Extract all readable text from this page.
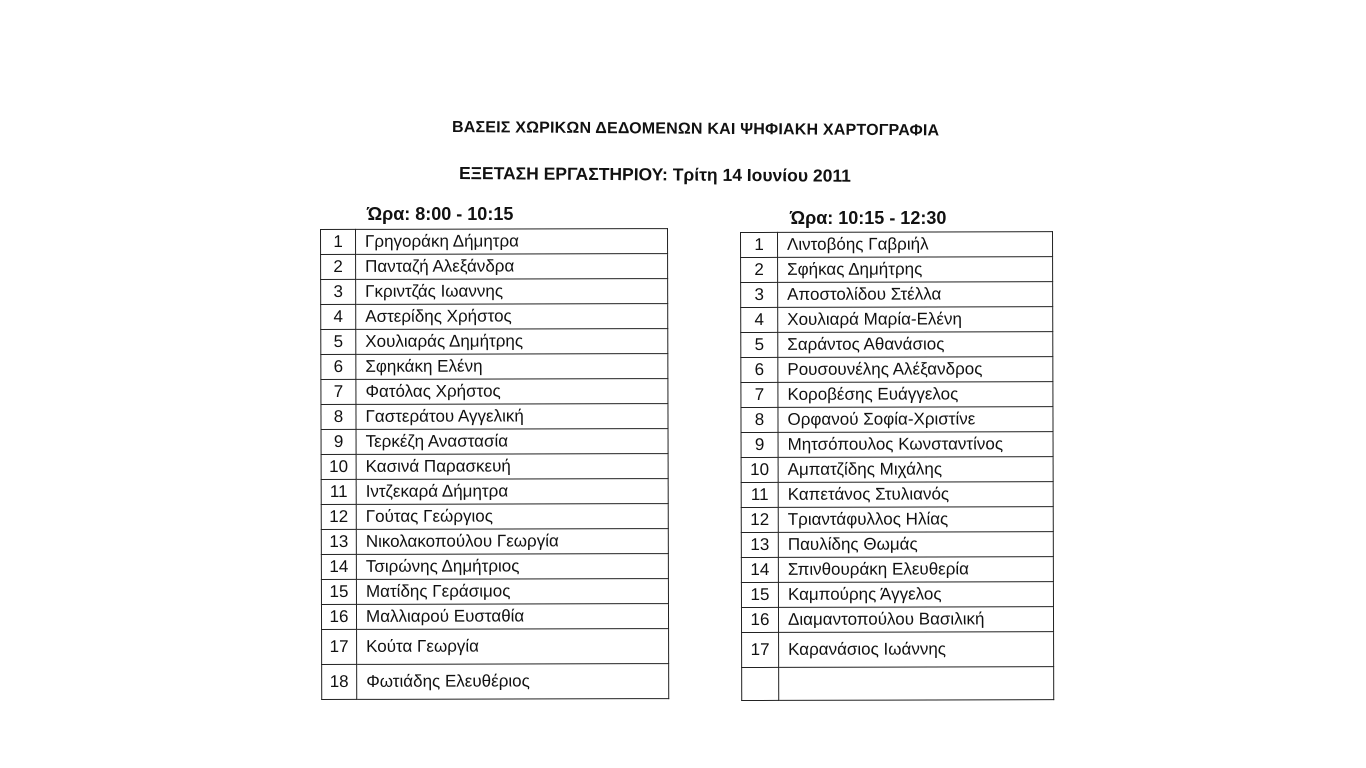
ΒΑΣΕΙΣ ΧΩΡΙΚΩΝ ΔΕΔΟΜΕΝΩΝ ΚΑΙ ΨΗΦΙΑΚΗ ΧΑΡΤΟΓΡΑΦΙΑ
ΕΞΕΤΑΣΗ ΕΡΓΑΣΤΗΡΙΟΥ: Τρίτη 14 Ιουνίου 2011
Ώρα: 8:00 - 10:15	Ώρα: 10:15 - 12:30
1	Γρηγοράκη Δήμητρα
2	Πανταζή Αλεξάνδρα
3	Γκριντζάς Ιωαννης
4	Αστερίδης Χρήστος
5	Χουλιαράς Δημήτρης
6	Σφηκάκη Ελένη
7	Φατόλας Χρήστος
8	Γαστεράτου Αγγελική
9	Τερκέζη Αναστασία
10	Κασινά Παρασκευή
11	Ιντζεκαρά Δήμητρα
12	Γούτας Γεώργιος
13	Νικολακοπούλου Γεωργία
14	Τσιρώνης Δημήτριος
15	Ματίδης Γεράσιμος
16	Μαλλιαρού Ευσταθία
17	Κούτα Γεωργία
18	Φωτιάδης Ελευθέριος
1	Λιντοβόης Γαβριήλ
2	Σφήκας Δημήτρης
3	Αποστολίδου Στέλλα
4	Χουλιαρά Μαρία-Ελένη
5	Σαράντος Αθανάσιος
6	Ρουσουνέλης Αλέξανδρος
7	Κοροβέσης Ευάγγελος
8	Ορφανού Σοφία-Χριστίνε
9	Μητσόπουλος Κωνσταντίνος
10	Αμπατζίδης Μιχάλης
11	Καπετάνος Στυλιανός
12	Τριαντάφυλλος Ηλίας
13	Παυλίδης Θωμάς
14	Σπινθουράκη Ελευθερία
15	Καμπούρης Άγγελος
16	Διαμαντοπούλου Βασιλική
17	Καρανάσιος Ιωάννης
